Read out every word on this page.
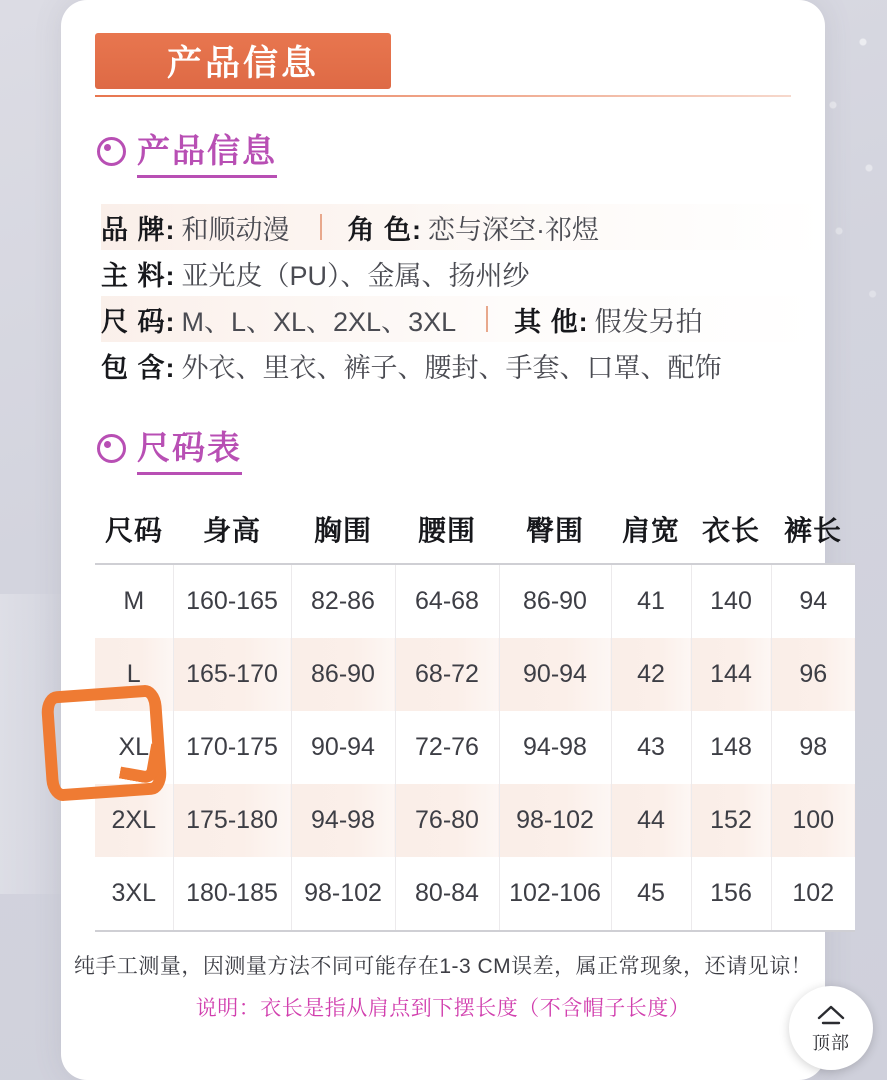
产品信息
产品信息
品 牌: 和顺动漫 角 色: 恋与深空·祁煜
主 料: 亚光皮（PU）、金属、扬州纱
尺 码: M、L、XL、2XL、3XL 其 他: 假发另拍
包 含: 外衣、里衣、裤子、腰封、手套、口罩、配饰
尺码表
尺码	身高	胸围	腰围	臀围	肩宽	衣长	裤长
M	160-165	82-86	64-68	86-90	41	140	94
L	165-170	86-90	68-72	90-94	42	144	96
XL	170-175	90-94	72-76	94-98	43	148	98
2XL	175-180	94-98	76-80	98-102	44	152	100
3XL	180-185	98-102	80-84	102-106	45	156	102
纯手工测量，因测量方法不同可能存在1-3 CM误差，属正常现象，还请见谅！
说明：衣长是指从肩点到下摆长度（不含帽子长度）
顶部
